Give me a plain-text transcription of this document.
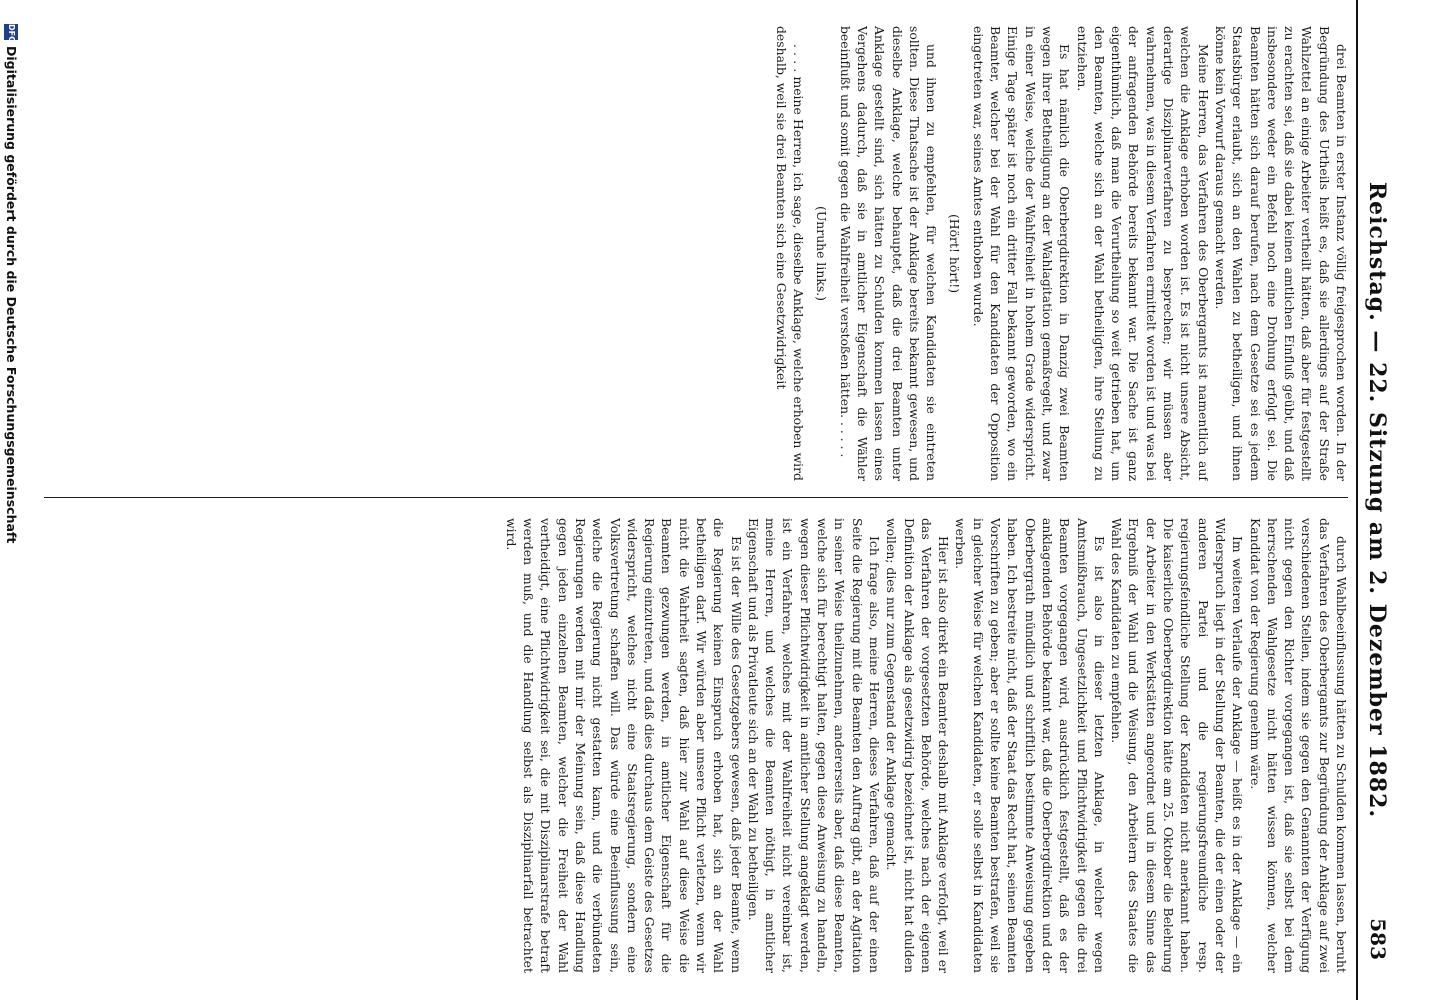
Reichstag. — 22. Sitzung am 2. Dezember 1882.
583

drei Beamten in erster Instanz völlig freigesprochen worden. In der Begründung des Urtheils heißt es, daß sie allerdings auf der Straße Wahlzettel an einige Arbeiter vertheilt hätten, daß aber für festgestellt zu erachten sei, daß sie dabei keinen amtlichen Einfluß geübt, und daß insbesondere weder ein Befehl noch eine Drohung erfolgt sei. Die Beamten hätten sich darauf berufen, nach dem Gesetze sei es jedem Staatsbürger erlaubt, sich an den Wahlen zu betheiligen, und ihnen könne kein Vorwurf daraus gemacht werden.

Meine Herren, das Verfahren des Oberbergamts ist namentlich auf welchen die Anklage erhoben worden ist. Es ist nicht unsere Absicht, derartige Disziplinarverfahren zu besprechen; wir müssen aber wahrnehmen, was in diesem Verfahren ermittelt worden ist und was bei der anfragenden Behörde bereits bekannt war. Die Sache ist ganz eigenthümlich, daß man die Verurtheilung so weit getrieben hat, um den Beamten, welche sich an der Wahl betheiligten, ihre Stellung zu entziehen.

Es hat nämlich die Oberbergdirektion in Danzig zwei Beamten wegen ihrer Betheiligung an der Wahlagitation gemaßregelt, und zwar in einer Weise, welche der Wahlfreiheit in hohem Grade widerspricht. Einige Tage später ist noch ein dritter Fall bekannt geworden, wo ein Beamter, welcher bei der Wahl für den Kandidaten der Opposition eingetreten war, seines Amtes enthoben wurde.

(Hört! hört!)

und ihnen zu empfehlen, für welchen Kandidaten sie eintreten sollten. Diese Thatsache ist der Anklage bereits bekannt gewesen, und dieselbe Anklage, welche behauptet, daß die drei Beamten unter Anklage gestellt sind, sich hätten zu Schulden kommen lassen eines Vergehens dadurch, daß sie in amtlicher Eigenschaft die Wähler beeinflußt und somit gegen die Wahlfreiheit verstoßen hätten. . . . . .

(Unruhe links.)

. . . . meine Herren, ich sage, dieselbe Anklage, welche erhoben wird deshalb, weil sie drei Beamten sich eine Gesetzwidrigkeit

durch Wahlbeeinflussung hätten zu Schulden kommen lassen, beruht das Verfahren des Oberbergamts zur Begründung der Anklage auf zwei verschiedenen Stellen, indem sie gegen den Genannten der Verfügung nicht gegen den Richter vorgegangen ist, daß sie selbst bei dem herrschenden Wahlgesetze nicht hätten wissen können, welcher Kandidat von der Regierung genehm wäre.

Im weiteren Verlaufe der Anklage — heißt es in der Anklage — ein Widerspruch liegt in der Stellung der Beamten, die der einen oder der anderen Partei und die regierungsfreundliche resp. regierungsfeindliche Stellung der Kandidaten nicht anerkannt haben. Die kaiserliche Oberbergdirektion hätte am 25. Oktober die Belehrung der Arbeiter in den Werkstätten angeordnet und in diesem Sinne das Ergebniß der Wahl und die Weisung, den Arbeitern des Staates die Wahl des Kandidaten zu empfehlen.

Es ist also in dieser letzten Anklage, in welcher wegen Amtsmißbrauch, Ungesetzlichkeit und Pflichtwidrigkeit gegen die drei Beamten vorgegangen wird, ausdrücklich festgestellt, daß es der anklagenden Behörde bekannt war, daß die Oberbergdirektion und der Oberbergrath mündlich und schriftlich bestimmte Anweisung gegeben haben. Ich bestreite nicht, daß der Staat das Recht hat, seinen Beamten Vorschriften zu geben; aber er sollte keine Beamten bestrafen, weil sie in gleicher Weise für welchen Kandidaten, er solle selbst in Kandidaten werben.

Hier ist also direkt ein Beamter deshalb mit Anklage verfolgt, weil er das Verfahren der vorgesetzten Behörde, welches nach der eigenen Definition der Anklage als gesetzwidrig bezeichnet ist, nicht hat dulden wollen; dies nur zum Gegenstand der Anklage gemacht.

Ich frage also, meine Herren, dieses Verfahren, daß auf der einen Seite die Regierung mit die Beamten den Auftrag gibt, an der Agitation in seiner Weise theilzunehmen, andererseits aber, daß diese Beamten, welche sich für berechtigt halten, gegen diese Anweisung zu handeln, wegen dieser Pflichtwidrigkeit in amtlicher Stellung angeklagt werden, ist ein Verfahren, welches mit der Wahlfreiheit nicht vereinbar ist, meine Herren, und welches die Beamten nöthigt, in amtlicher Eigenschaft und als Privatleute sich an der Wahl zu betheiligen.

Es ist der Wille des Gesetzgebers gewesen, daß jeder Beamte, wenn die Regierung keinen Einspruch erhoben hat, sich an der Wahl betheiligen darf. Wir würden aber unsere Pflicht verletzen, wenn wir nicht die Wahrheit sagten, daß hier zur Wahl auf diese Weise die Beamten gezwungen werden, in amtlicher Eigenschaft für die Regierung einzutreten, und daß dies durchaus dem Geiste des Gesetzes widerspricht, welches nicht eine Staatsregierung, sondern eine Volksvertretung schaffen will. Das würde eine Beeinflussung sein, welche die Regierung nicht gestatten kann, und die verbündeten Regierungen werden mit mir der Meinung sein, daß diese Handlung gegen jeden einzelnen Beamten, welcher die Freiheit der Wahl vertheidigt, eine Pflichtwidrigkeit sei, die mit Disziplinarstrafe betraft werden muß, und die Handlung selbst als Disziplinarfall betrachtet wird.

DFG
Digitalisierung gefördert durch die Deutsche Forschungsgemeinschaft
